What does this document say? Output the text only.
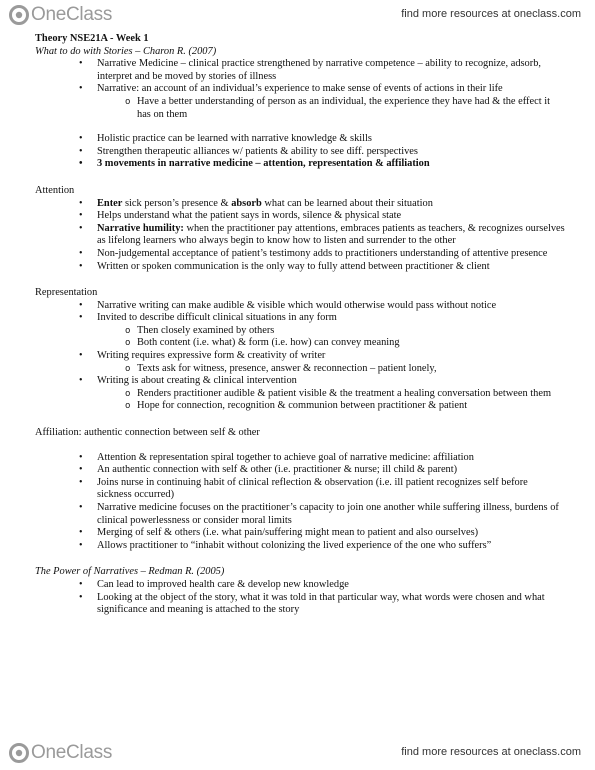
OneClass	find more resources at oneclass.com
Theory NSE21A - Week 1
What to do with Stories – Charon R. (2007)
• Narrative Medicine – clinical practice strengthened by narrative competence – ability to recognize, adsorb, interpret and be moved by stories of illness
• Narrative: an account of an individual’s experience to make sense of events of actions in their life
o Have a better understanding of person as an individual, the experience they have had & the effect it has on them
• Holistic practice can be learned with narrative knowledge & skills
• Strengthen therapeutic alliances w/ patients & ability to see diff. perspectives
• 3 movements in narrative medicine – attention, representation & affiliation
Attention
• Enter sick person’s presence & absorb what can be learned about their situation
• Helps understand what the patient says in words, silence & physical state
• Narrative humility: when the practitioner pay attentions, embraces patients as teachers, & recognizes ourselves as lifelong learners who always begin to know how to listen and surrender to the other
• Non-judgemental acceptance of patient’s testimony adds to practitioners understanding of attentive presence
• Written or spoken communication is the only way to fully attend between practitioner & client
Representation
• Narrative writing can make audible & visible which would otherwise would pass without notice
• Invited to describe difficult clinical situations in any form
o Then closely examined by others
o Both content (i.e. what) & form (i.e. how) can convey meaning
• Writing requires expressive form & creativity of writer
o Texts ask for witness, presence, answer & reconnection – patient lonely,
• Writing is about creating & clinical intervention
o Renders practitioner audible & patient visible & the treatment a healing conversation between them
o Hope for connection, recognition & communion between practitioner & patient
Affiliation: authentic connection between self & other
• Attention & representation spiral together to achieve goal of narrative medicine: affiliation
• An authentic connection with self & other (i.e. practitioner & nurse; ill child & parent)
• Joins nurse in continuing habit of clinical reflection & observation (i.e. ill patient recognizes self before sickness occurred)
• Narrative medicine focuses on the practitioner’s capacity to join one another while suffering illness, burdens of clinical powerlessness or consider moral limits
• Merging of self & others (i.e. what pain/suffering might mean to patient and also ourselves)
• Allows practitioner to “inhabit without colonizing the lived experience of the one who suffers”
The Power of Narratives – Redman R. (2005)
• Can lead to improved health care & develop new knowledge
• Looking at the object of the story, what it was told in that particular way, what words were chosen and what significance and meaning is attached to the story
OneClass	find more resources at oneclass.com
